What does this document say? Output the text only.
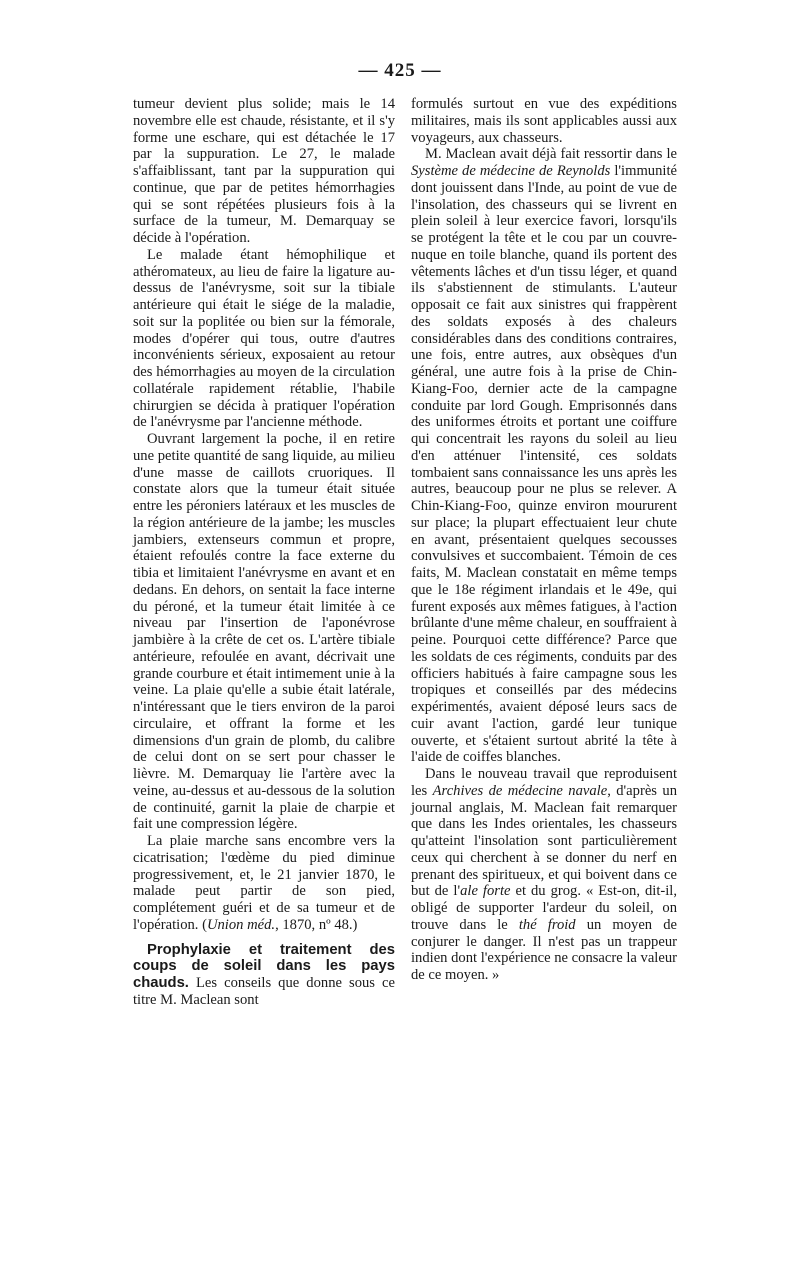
— 425 —

tumeur devient plus solide; mais le 14 novembre elle est chaude, résistante, et il s'y forme une eschare, qui est détachée le 17 par la suppuration. Le 27, le malade s'affaiblissant, tant par la suppuration qui continue, que par de petites hémorrhagies qui se sont répétées plusieurs fois à la surface de la tumeur, M. Demarquay se décide à l'opération.

Le malade étant hémophilique et athéromateux, au lieu de faire la ligature au-dessus de l'anévrysme, soit sur la tibiale antérieure qui était le siége de la maladie, soit sur la poplitée ou bien sur la fémorale, modes d'opérer qui tous, outre d'autres inconvénients sérieux, exposaient au retour des hémorrhagies au moyen de la circulation collatérale rapidement rétablie, l'habile chirurgien se décida à pratiquer l'opération de l'anévrysme par l'ancienne méthode.

Ouvrant largement la poche, il en retire une petite quantité de sang liquide, au milieu d'une masse de caillots cruoriques. Il constate alors que la tumeur était située entre les péroniers latéraux et les muscles de la région antérieure de la jambe; les muscles jambiers, extenseurs commun et propre, étaient refoulés contre la face externe du tibia et limitaient l'anévrysme en avant et en dedans. En dehors, on sentait la face interne du péroné, et la tumeur était limitée à ce niveau par l'insertion de l'aponévrose jambière à la crête de cet os. L'artère tibiale antérieure, refoulée en avant, décrivait une grande courbure et était intimement unie à la veine. La plaie qu'elle a subie était latérale, n'intéressant que le tiers environ de la paroi circulaire, et offrant la forme et les dimensions d'un grain de plomb, du calibre de celui dont on se sert pour chasser le lièvre. M. Demarquay lie l'artère avec la veine, au-dessus et au-dessous de la solution de continuité, garnit la plaie de charpie et fait une compression légère.

La plaie marche sans encombre vers la cicatrisation; l'œdème du pied diminue progressivement, et, le 21 janvier 1870, le malade peut partir de son pied, complétement guéri et de sa tumeur et de l'opération. (Union méd., 1870, nº 48.)

Prophylaxie et traitement des coups de soleil dans les pays chauds. Les conseils que donne sous ce titre M. Maclean sont

formulés surtout en vue des expéditions militaires, mais ils sont applicables aussi aux voyageurs, aux chasseurs.

M. Maclean avait déjà fait ressortir dans le Système de médecine de Reynolds l'immunité dont jouissent dans l'Inde, au point de vue de l'insolation, des chasseurs qui se livrent en plein soleil à leur exercice favori, lorsqu'ils se protégent la tête et le cou par un couvre-nuque en toile blanche, quand ils portent des vêtements lâches et d'un tissu léger, et quand ils s'abstiennent de stimulants. L'auteur opposait ce fait aux sinistres qui frappèrent des soldats exposés à des chaleurs considérables dans des conditions contraires, une fois, entre autres, aux obsèques d'un général, une autre fois à la prise de Chin-Kiang-Foo, dernier acte de la campagne conduite par lord Gough. Emprisonnés dans des uniformes étroits et portant une coiffure qui concentrait les rayons du soleil au lieu d'en atténuer l'intensité, ces soldats tombaient sans connaissance les uns après les autres, beaucoup pour ne plus se relever. A Chin-Kiang-Foo, quinze environ moururent sur place; la plupart effectuaient leur chute en avant, présentaient quelques secousses convulsives et succombaient. Témoin de ces faits, M. Maclean constatait en même temps que le 18e régiment irlandais et le 49e, qui furent exposés aux mêmes fatigues, à l'action brûlante d'une même chaleur, en souffraient à peine. Pourquoi cette différence? Parce que les soldats de ces régiments, conduits par des officiers habitués à faire campagne sous les tropiques et conseillés par des médecins expérimentés, avaient déposé leurs sacs de cuir avant l'action, gardé leur tunique ouverte, et s'étaient surtout abrité la tête à l'aide de coiffes blanches.

Dans le nouveau travail que reproduisent les Archives de médecine navale, d'après un journal anglais, M. Maclean fait remarquer que dans les Indes orientales, les chasseurs qu'atteint l'insolation sont particulièrement ceux qui cherchent à se donner du nerf en prenant des spiritueux, et qui boivent dans ce but de l'ale forte et du grog. « Est-on, dit-il, obligé de supporter l'ardeur du soleil, on trouve dans le thé froid un moyen de conjurer le danger. Il n'est pas un trappeur indien dont l'expérience ne consacre la valeur de ce moyen. »
